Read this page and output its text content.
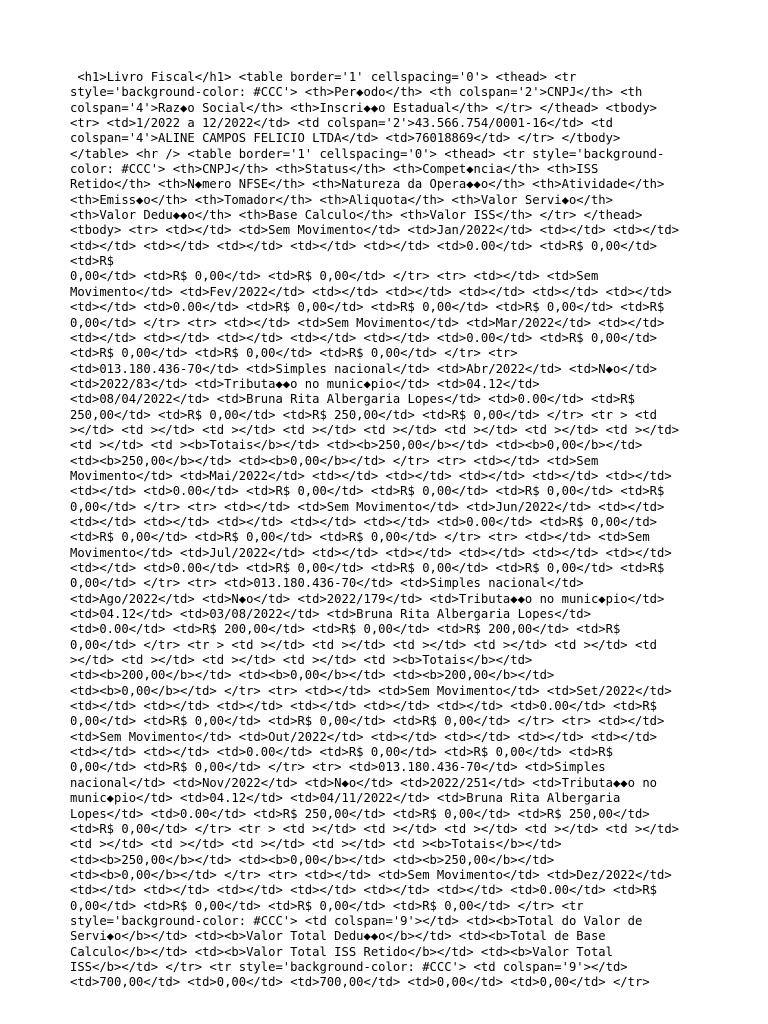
<h1>Livro Fiscal</h1> <table border='1' cellspacing='0'> <thead> <tr
style='background-color: #CCC'> <th>Per◆odo</th> <th colspan='2'>CNPJ</th> <th
colspan='4'>Raz◆o Social</th> <th>Inscri◆◆o Estadual</th> </tr> </thead> <tbody>
<tr> <td>1/2022 a 12/2022</td> <td colspan='2'>43.566.754/0001-16</td> <td
colspan='4'>ALINE CAMPOS FELICIO LTDA</td> <td>76018869</td> </tr> </tbody>
</table> <hr /> <table border='1' cellspacing='0'> <thead> <tr style='background-
color: #CCC'> <th>CNPJ</th> <th>Status</th> <th>Compet◆ncia</th> <th>ISS
Retido</th> <th>N◆mero NFSE</th> <th>Natureza da Opera◆◆o</th> <th>Atividade</th>
<th>Emiss◆o</th> <th>Tomador</th> <th>Aliquota</th> <th>Valor Servi◆o</th>
<th>Valor Dedu◆◆o</th> <th>Base Calculo</th> <th>Valor ISS</th> </tr> </thead>
<tbody> <tr> <td></td> <td>Sem Movimento</td> <td>Jan/2022</td> <td></td> <td></td>
<td></td> <td></td> <td></td> <td></td> <td></td> <td>0.00</td> <td>R$ 0,00</td> <td>R$
0,00</td> <td>R$ 0,00</td> <td>R$ 0,00</td> </tr> <tr> <td></td> <td>Sem
Movimento</td> <td>Fev/2022</td> <td></td> <td></td> <td></td> <td></td> <td></td>
<td></td> <td>0.00</td> <td>R$ 0,00</td> <td>R$ 0,00</td> <td>R$ 0,00</td> <td>R$
0,00</td> </tr> <tr> <td></td> <td>Sem Movimento</td> <td>Mar/2022</td> <td></td>
<td></td> <td></td> <td></td> <td></td> <td></td> <td>0.00</td> <td>R$ 0,00</td>
<td>R$ 0,00</td> <td>R$ 0,00</td> <td>R$ 0,00</td> </tr> <tr>
<td>013.180.436-70</td> <td>Simples nacional</td> <td>Abr/2022</td> <td>N◆o</td>
<td>2022/83</td> <td>Tributa◆◆o no munic◆pio</td> <td>04.12</td>
<td>08/04/2022</td> <td>Bruna Rita Albergaria Lopes</td> <td>0.00</td> <td>R$
250,00</td> <td>R$ 0,00</td> <td>R$ 250,00</td> <td>R$ 0,00</td> </tr> <tr > <td
></td> <td ></td> <td ></td> <td ></td> <td ></td> <td ></td> <td ></td> <td ></td>
<td ></td> <td ><b>Totais</b></td> <td><b>250,00</b></td> <td><b>0,00</b></td>
<td><b>250,00</b></td> <td><b>0,00</b></td> </tr> <tr> <td></td> <td>Sem
Movimento</td> <td>Mai/2022</td> <td></td> <td></td> <td></td> <td></td> <td></td>
<td></td> <td>0.00</td> <td>R$ 0,00</td> <td>R$ 0,00</td> <td>R$ 0,00</td> <td>R$
0,00</td> </tr> <tr> <td></td> <td>Sem Movimento</td> <td>Jun/2022</td> <td></td>
<td></td> <td></td> <td></td> <td></td> <td></td> <td>0.00</td> <td>R$ 0,00</td>
<td>R$ 0,00</td> <td>R$ 0,00</td> <td>R$ 0,00</td> </tr> <tr> <td></td> <td>Sem
Movimento</td> <td>Jul/2022</td> <td></td> <td></td> <td></td> <td></td> <td></td>
<td></td> <td>0.00</td> <td>R$ 0,00</td> <td>R$ 0,00</td> <td>R$ 0,00</td> <td>R$
0,00</td> </tr> <tr> <td>013.180.436-70</td> <td>Simples nacional</td>
<td>Ago/2022</td> <td>N◆o</td> <td>2022/179</td> <td>Tributa◆◆o no munic◆pio</td>
<td>04.12</td> <td>03/08/2022</td> <td>Bruna Rita Albergaria Lopes</td>
<td>0.00</td> <td>R$ 200,00</td> <td>R$ 0,00</td> <td>R$ 200,00</td> <td>R$
0,00</td> </tr> <tr > <td ></td> <td ></td> <td ></td> <td ></td> <td ></td> <td
></td> <td ></td> <td ></td> <td ></td> <td ><b>Totais</b></td>
<td><b>200,00</b></td> <td><b>0,00</b></td> <td><b>200,00</b></td>
<td><b>0,00</b></td> </tr> <tr> <td></td> <td>Sem Movimento</td> <td>Set/2022</td>
<td></td> <td></td> <td></td> <td></td> <td></td> <td></td> <td>0.00</td> <td>R$
0,00</td> <td>R$ 0,00</td> <td>R$ 0,00</td> <td>R$ 0,00</td> </tr> <tr> <td></td>
<td>Sem Movimento</td> <td>Out/2022</td> <td></td> <td></td> <td></td> <td></td>
<td></td> <td></td> <td>0.00</td> <td>R$ 0,00</td> <td>R$ 0,00</td> <td>R$
0,00</td> <td>R$ 0,00</td> </tr> <tr> <td>013.180.436-70</td> <td>Simples
nacional</td> <td>Nov/2022</td> <td>N◆o</td> <td>2022/251</td> <td>Tributa◆◆o no
munic◆pio</td> <td>04.12</td> <td>04/11/2022</td> <td>Bruna Rita Albergaria
Lopes</td> <td>0.00</td> <td>R$ 250,00</td> <td>R$ 0,00</td> <td>R$ 250,00</td>
<td>R$ 0,00</td> </tr> <tr > <td ></td> <td ></td> <td ></td> <td ></td> <td ></td>
<td ></td> <td ></td> <td ></td> <td ></td> <td ><b>Totais</b></td>
<td><b>250,00</b></td> <td><b>0,00</b></td> <td><b>250,00</b></td>
<td><b>0,00</b></td> </tr> <tr> <td></td> <td>Sem Movimento</td> <td>Dez/2022</td>
<td></td> <td></td> <td></td> <td></td> <td></td> <td></td> <td>0.00</td> <td>R$
0,00</td> <td>R$ 0,00</td> <td>R$ 0,00</td> <td>R$ 0,00</td> </tr> <tr
style='background-color: #CCC'> <td colspan='9'></td> <td><b>Total do Valor de
Servi◆o</b></td> <td><b>Valor Total Dedu◆◆o</b></td> <td><b>Total de Base
Calculo</b></td> <td><b>Valor Total ISS Retido</b></td> <td><b>Valor Total
ISS</b></td> </tr> <tr style='background-color: #CCC'> <td colspan='9'></td>
<td>700,00</td> <td>0,00</td> <td>700,00</td> <td>0,00</td> <td>0,00</td> </tr>
